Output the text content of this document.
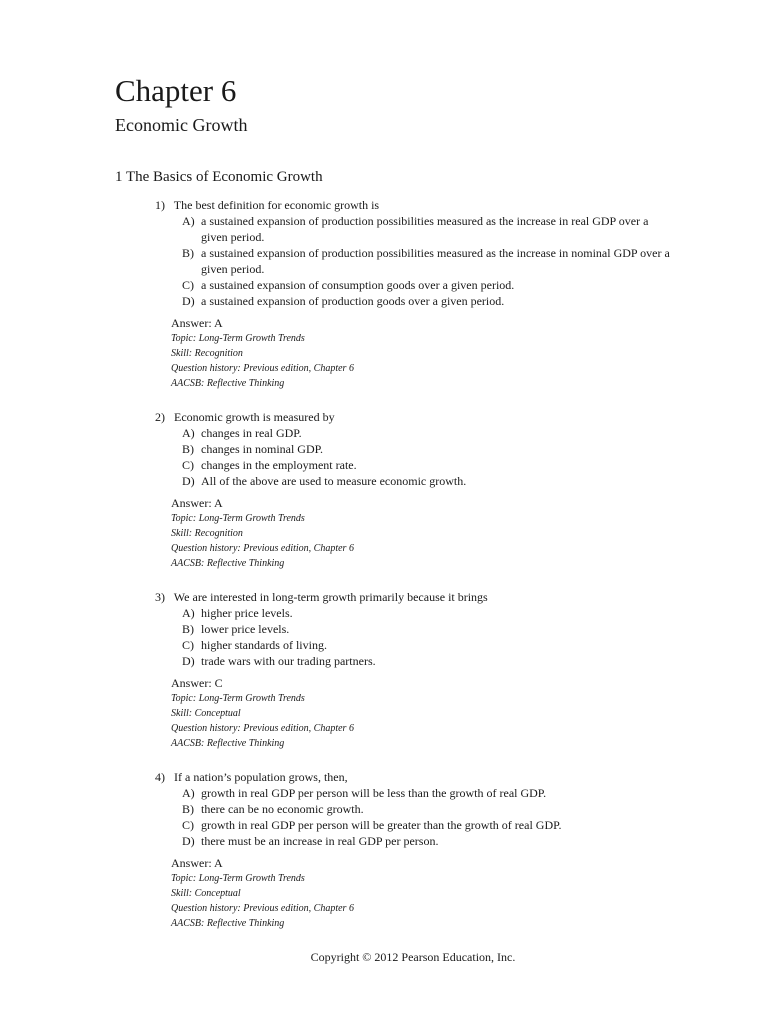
Chapter 6
Economic Growth
1 The Basics of Economic Growth
1) The best definition for economic growth is
A) a sustained expansion of production possibilities measured as the increase in real GDP over a given period.
B) a sustained expansion of production possibilities measured as the increase in nominal GDP over a given period.
C) a sustained expansion of consumption goods over a given period.
D) a sustained expansion of production goods over a given period.
Answer: A
Topic: Long-Term Growth Trends
Skill: Recognition
Question history: Previous edition, Chapter 6
AACSB: Reflective Thinking
2) Economic growth is measured by
A) changes in real GDP.
B) changes in nominal GDP.
C) changes in the employment rate.
D) All of the above are used to measure economic growth.
Answer: A
Topic: Long-Term Growth Trends
Skill: Recognition
Question history: Previous edition, Chapter 6
AACSB: Reflective Thinking
3) We are interested in long-term growth primarily because it brings
A) higher price levels.
B) lower price levels.
C) higher standards of living.
D) trade wars with our trading partners.
Answer: C
Topic: Long-Term Growth Trends
Skill: Conceptual
Question history: Previous edition, Chapter 6
AACSB: Reflective Thinking
4) If a nation’s population grows, then,
A) growth in real GDP per person will be less than the growth of real GDP.
B) there can be no economic growth.
C) growth in real GDP per person will be greater than the growth of real GDP.
D) there must be an increase in real GDP per person.
Answer: A
Topic: Long-Term Growth Trends
Skill: Conceptual
Question history: Previous edition, Chapter 6
AACSB: Reflective Thinking
Copyright © 2012 Pearson Education, Inc.
